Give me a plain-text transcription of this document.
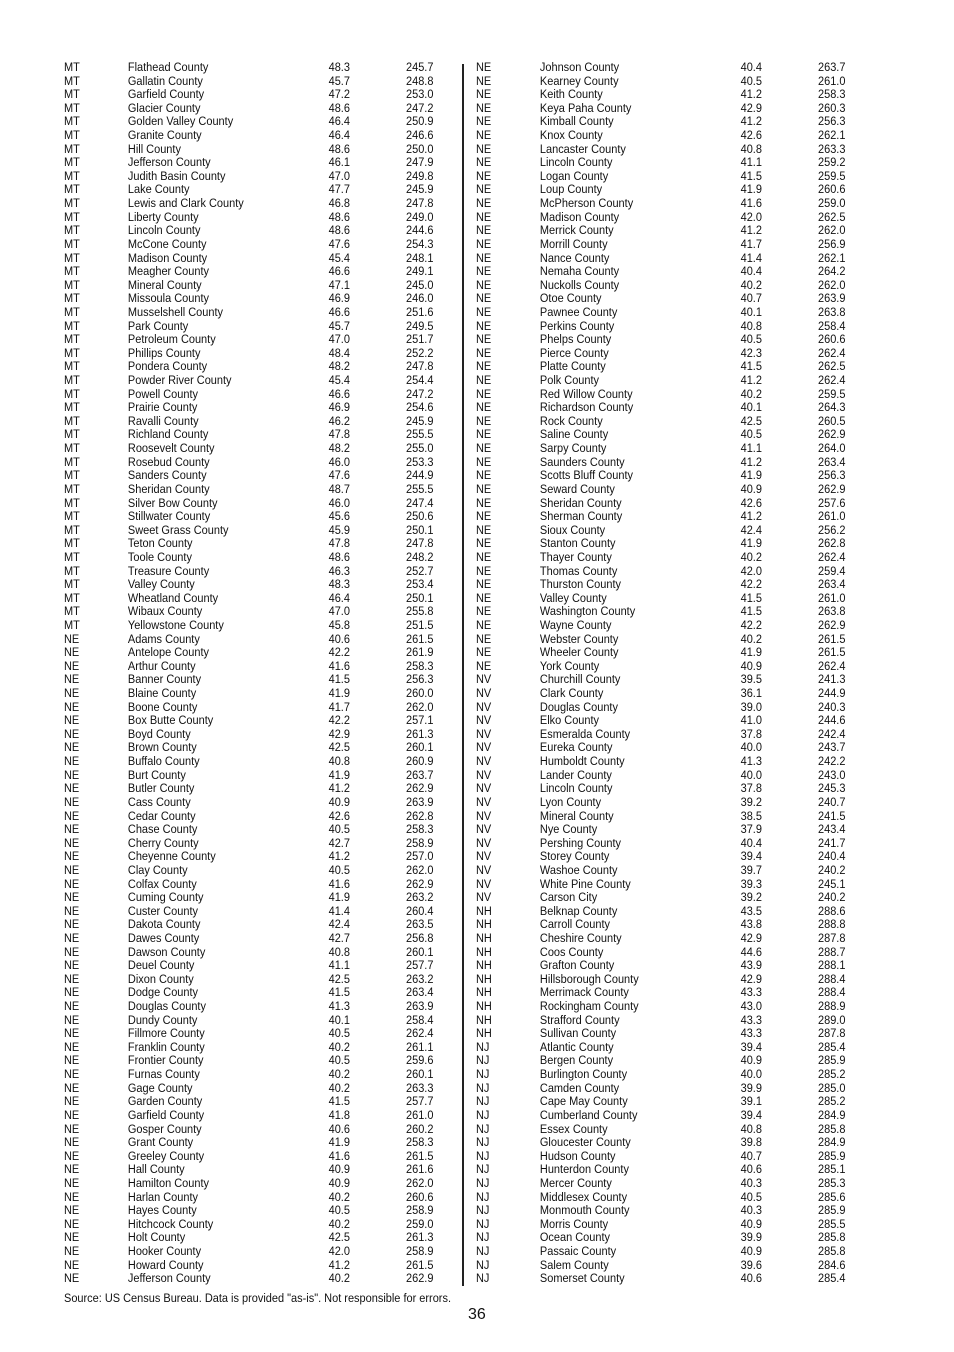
MT	Flathead County	48.3	245.7
MT	Gallatin County	45.7	248.8
MT	Garfield County	47.2	253.0
MT	Glacier County	48.6	247.2
MT	Golden Valley County	46.4	250.9
MT	Granite County	46.4	246.6
MT	Hill County	48.6	250.0
MT	Jefferson County	46.1	247.9
MT	Judith Basin County	47.0	249.8
MT	Lake County	47.7	245.9
MT	Lewis and Clark County	46.8	247.8
MT	Liberty County	48.6	249.0
MT	Lincoln County	48.6	244.6
MT	McCone County	47.6	254.3
MT	Madison County	45.4	248.1
MT	Meagher County	46.6	249.1
MT	Mineral County	47.1	245.0
MT	Missoula County	46.9	246.0
MT	Musselshell County	46.6	251.6
MT	Park County	45.7	249.5
MT	Petroleum County	47.0	251.7
MT	Phillips County	48.4	252.2
MT	Pondera County	48.2	247.8
MT	Powder River County	45.4	254.4
MT	Powell County	46.6	247.2
MT	Prairie County	46.9	254.6
MT	Ravalli County	46.2	245.9
MT	Richland County	47.8	255.5
MT	Roosevelt County	48.2	255.0
MT	Rosebud County	46.0	253.3
MT	Sanders County	47.6	244.9
MT	Sheridan County	48.7	255.5
MT	Silver Bow County	46.0	247.4
MT	Stillwater County	45.6	250.6
MT	Sweet Grass County	45.9	250.1
MT	Teton County	47.8	247.8
MT	Toole County	48.6	248.2
MT	Treasure County	46.3	252.7
MT	Valley County	48.3	253.4
MT	Wheatland County	46.4	250.1
MT	Wibaux County	47.0	255.8
MT	Yellowstone County	45.8	251.5
NE	Adams County	40.6	261.5
NE	Antelope County	42.2	261.9
NE	Arthur County	41.6	258.3
NE	Banner County	41.5	256.3
NE	Blaine County	41.9	260.0
NE	Boone County	41.7	262.0
NE	Box Butte County	42.2	257.1
NE	Boyd County	42.9	261.3
NE	Brown County	42.5	260.1
NE	Buffalo County	40.8	260.9
NE	Burt County	41.9	263.7
NE	Butler County	41.2	262.9
NE	Cass County	40.9	263.9
NE	Cedar County	42.6	262.8
NE	Chase County	40.5	258.3
NE	Cherry County	42.7	258.9
NE	Cheyenne County	41.2	257.0
NE	Clay County	40.5	262.0
NE	Colfax County	41.6	262.9
NE	Cuming County	41.9	263.2
NE	Custer County	41.4	260.4
NE	Dakota County	42.4	263.5
NE	Dawes County	42.7	256.8
NE	Dawson County	40.8	260.1
NE	Deuel County	41.1	257.7
NE	Dixon County	42.5	263.2
NE	Dodge County	41.5	263.4
NE	Douglas County	41.3	263.9
NE	Dundy County	40.1	258.4
NE	Fillmore County	40.5	262.4
NE	Franklin County	40.2	261.1
NE	Frontier County	40.5	259.6
NE	Furnas County	40.2	260.1
NE	Gage County	40.2	263.3
NE	Garden County	41.5	257.7
NE	Garfield County	41.8	261.0
NE	Gosper County	40.6	260.2
NE	Grant County	41.9	258.3
NE	Greeley County	41.6	261.5
NE	Hall County	40.9	261.6
NE	Hamilton County	40.9	262.0
NE	Harlan County	40.2	260.6
NE	Hayes County	40.5	258.9
NE	Hitchcock County	40.2	259.0
NE	Holt County	42.5	261.3
NE	Hooker County	42.0	258.9
NE	Howard County	41.2	261.5
NE	Jefferson County	40.2	262.9
NE	Johnson County	40.4	263.7
NE	Kearney County	40.5	261.0
NE	Keith County	41.2	258.3
NE	Keya Paha County	42.9	260.3
NE	Kimball County	41.2	256.3
NE	Knox County	42.6	262.1
NE	Lancaster County	40.8	263.3
NE	Lincoln County	41.1	259.2
NE	Logan County	41.5	259.5
NE	Loup County	41.9	260.6
NE	McPherson County	41.6	259.0
NE	Madison County	42.0	262.5
NE	Merrick County	41.2	262.0
NE	Morrill County	41.7	256.9
NE	Nance County	41.4	262.1
NE	Nemaha County	40.4	264.2
NE	Nuckolls County	40.2	262.0
NE	Otoe County	40.7	263.9
NE	Pawnee County	40.1	263.8
NE	Perkins County	40.8	258.4
NE	Phelps County	40.5	260.6
NE	Pierce County	42.3	262.4
NE	Platte County	41.5	262.5
NE	Polk County	41.2	262.4
NE	Red Willow County	40.2	259.5
NE	Richardson County	40.1	264.3
NE	Rock County	42.5	260.5
NE	Saline County	40.5	262.9
NE	Sarpy County	41.1	264.0
NE	Saunders County	41.2	263.4
NE	Scotts Bluff County	41.9	256.3
NE	Seward County	40.9	262.9
NE	Sheridan County	42.6	257.6
NE	Sherman County	41.2	261.0
NE	Sioux County	42.4	256.2
NE	Stanton County	41.9	262.8
NE	Thayer County	40.2	262.4
NE	Thomas County	42.0	259.4
NE	Thurston County	42.2	263.4
NE	Valley County	41.5	261.0
NE	Washington County	41.5	263.8
NE	Wayne County	42.2	262.9
NE	Webster County	40.2	261.5
NE	Wheeler County	41.9	261.5
NE	York County	40.9	262.4
NV	Churchill County	39.5	241.3
NV	Clark County	36.1	244.9
NV	Douglas County	39.0	240.3
NV	Elko County	41.0	244.6
NV	Esmeralda County	37.8	242.4
NV	Eureka County	40.0	243.7
NV	Humboldt County	41.3	242.2
NV	Lander County	40.0	243.0
NV	Lincoln County	37.8	245.3
NV	Lyon County	39.2	240.7
NV	Mineral County	38.5	241.5
NV	Nye County	37.9	243.4
NV	Pershing County	40.4	241.7
NV	Storey County	39.4	240.4
NV	Washoe County	39.7	240.2
NV	White Pine County	39.3	245.1
NV	Carson City	39.2	240.2
NH	Belknap County	43.5	288.6
NH	Carroll County	43.8	288.8
NH	Cheshire County	42.9	287.8
NH	Coos County	44.6	288.7
NH	Grafton County	43.9	288.1
NH	Hillsborough County	42.9	288.4
NH	Merrimack County	43.3	288.4
NH	Rockingham County	43.0	288.9
NH	Strafford County	43.3	289.0
NH	Sullivan County	43.3	287.8
NJ	Atlantic County	39.4	285.4
NJ	Bergen County	40.9	285.9
NJ	Burlington County	40.0	285.2
NJ	Camden County	39.9	285.0
NJ	Cape May County	39.1	285.2
NJ	Cumberland County	39.4	284.9
NJ	Essex County	40.8	285.8
NJ	Gloucester County	39.8	284.9
NJ	Hudson County	40.7	285.9
NJ	Hunterdon County	40.6	285.1
NJ	Mercer County	40.3	285.3
NJ	Middlesex County	40.5	285.6
NJ	Monmouth County	40.3	285.9
NJ	Morris County	40.9	285.5
NJ	Ocean County	39.9	285.8
NJ	Passaic County	40.9	285.8
NJ	Salem County	39.6	284.6
NJ	Somerset County	40.6	285.4
Source: US Census Bureau. Data is provided "as-is". Not responsible for errors.
36
